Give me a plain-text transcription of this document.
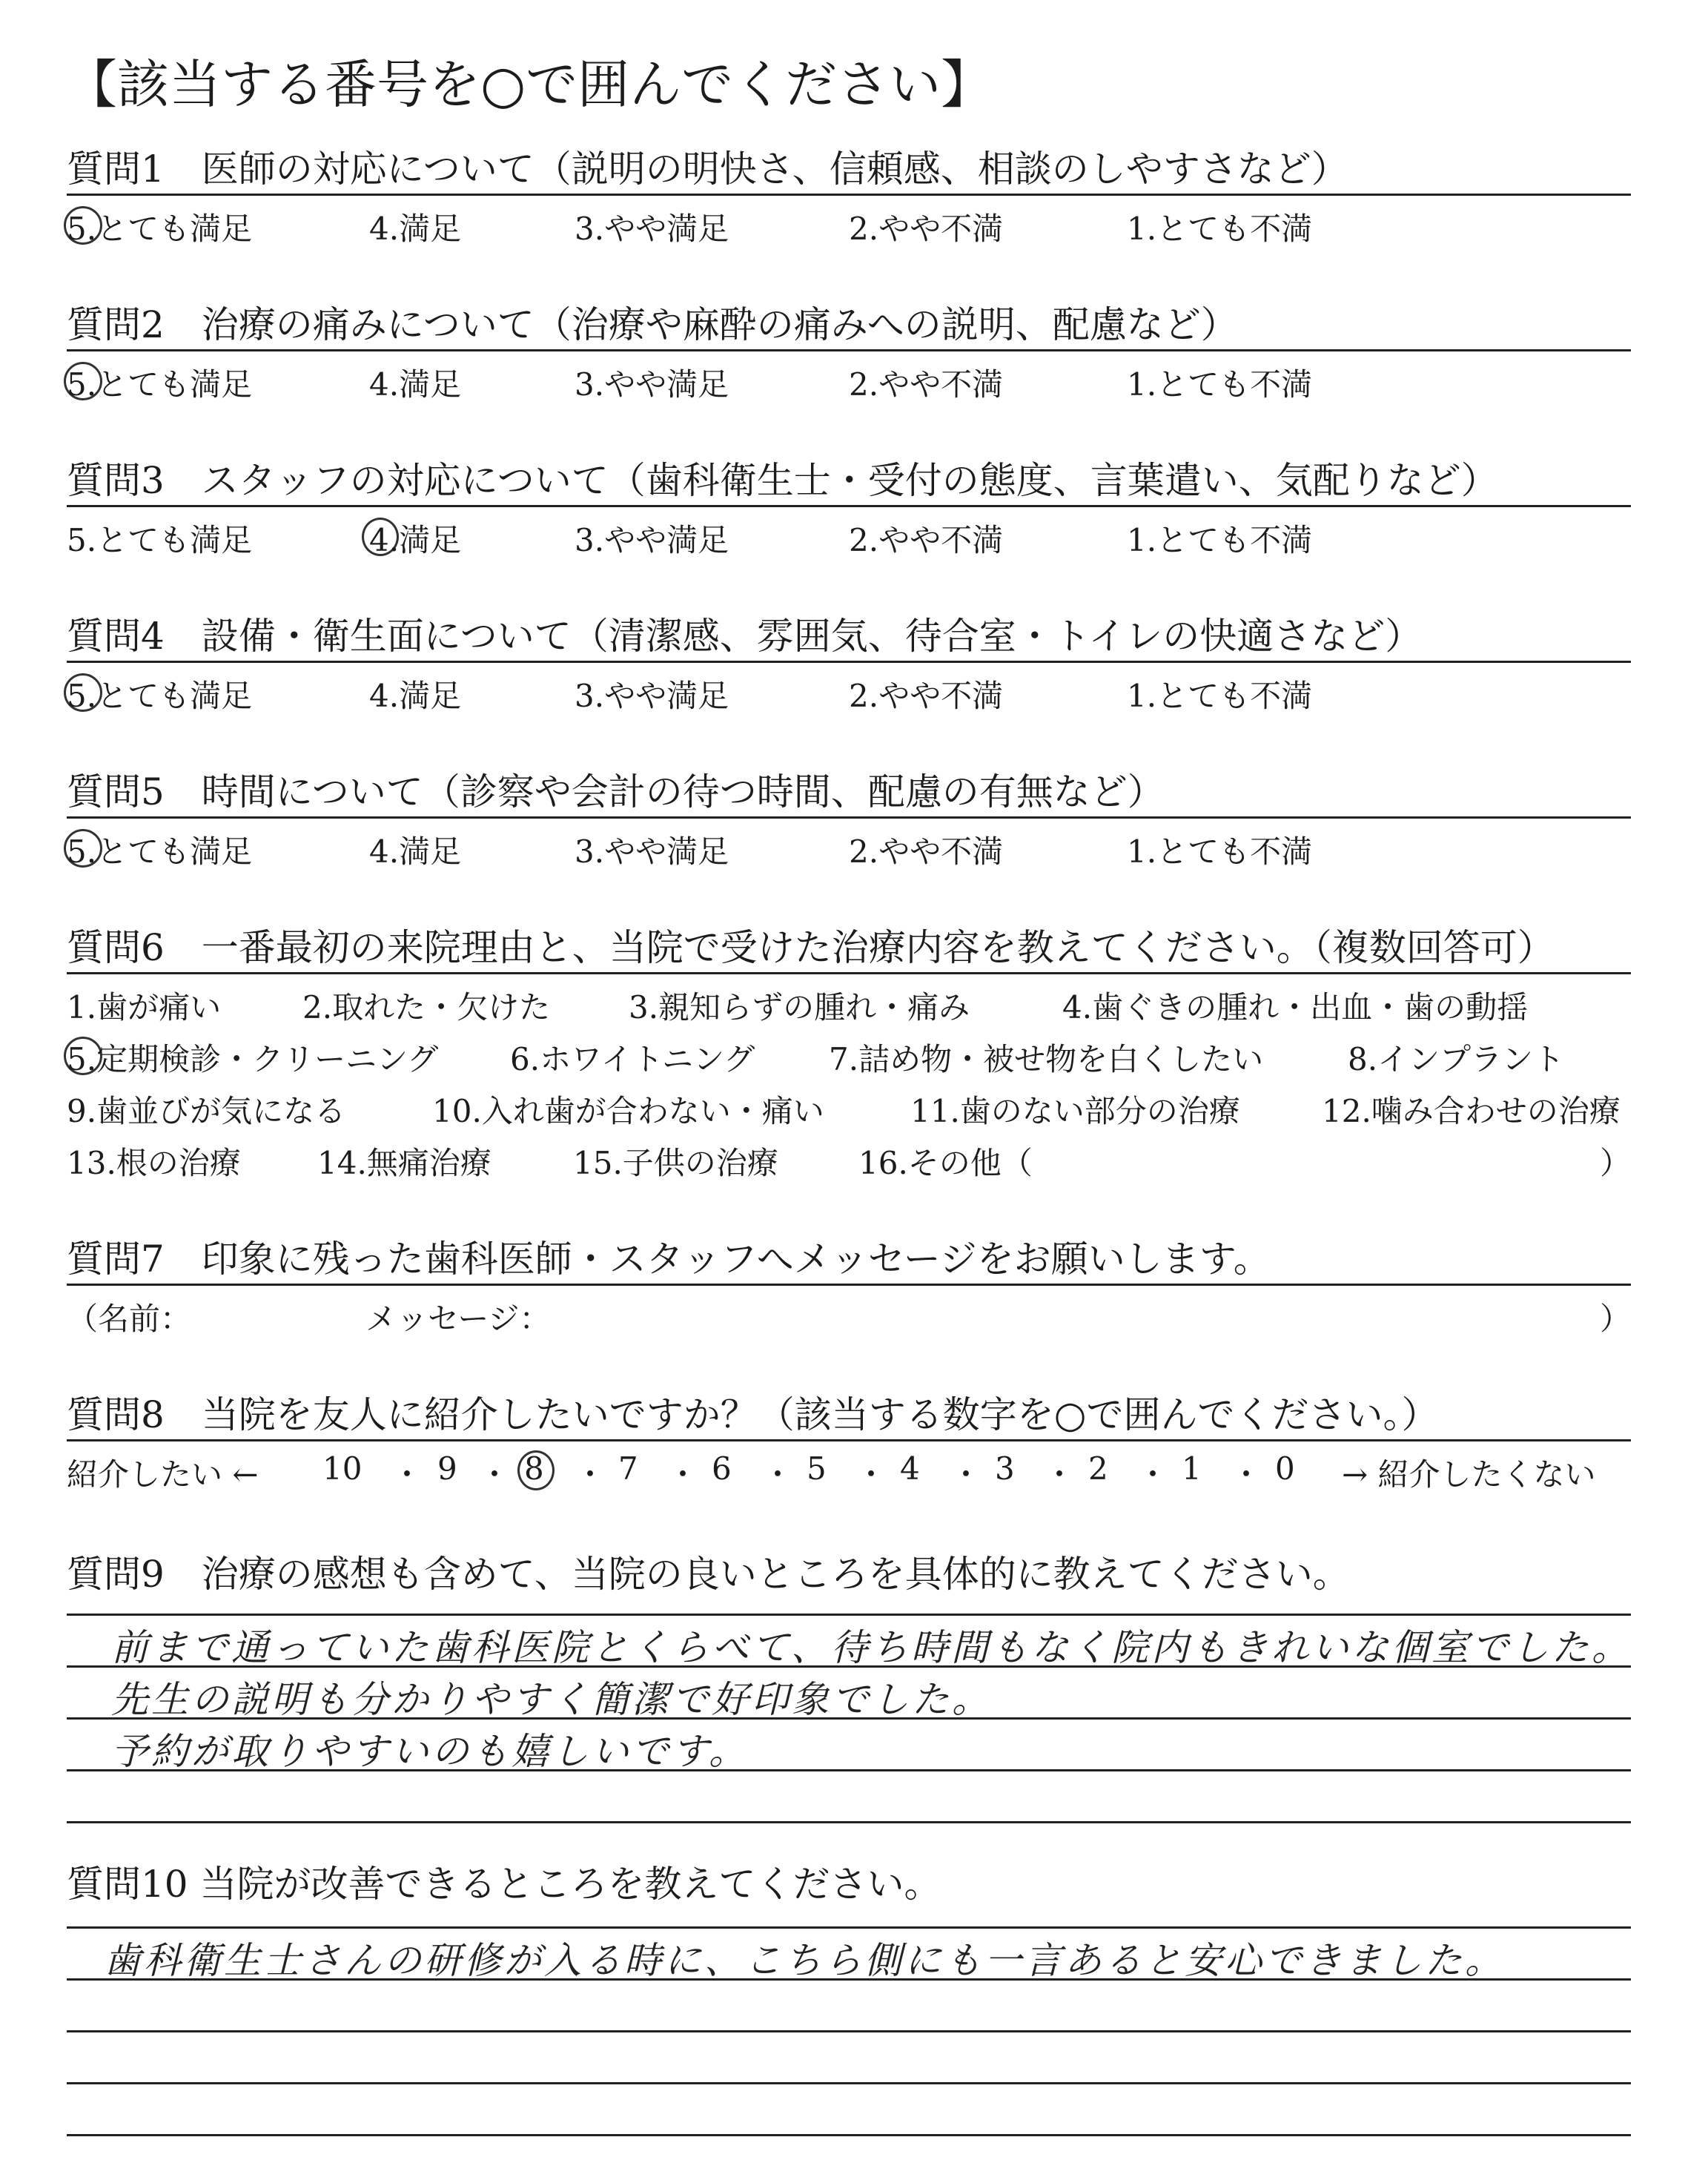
【該当する番号を○で囲んでください】
質問1　医師の対応について（説明の明快さ、信頼感、相談のしやすさなど）
5.とても満足	4.満足	3.やや満足	2.やや不満	1.とても不満
質問2　治療の痛みについて（治療や麻酔の痛みへの説明、配慮など）
5.とても満足	4.満足	3.やや満足	2.やや不満	1.とても不満
質問3　スタッフの対応について（歯科衛生士・受付の態度、言葉遣い、気配りなど）
5.とても満足	4.満足	3.やや満足	2.やや不満	1.とても不満
質問4　設備・衛生面について（清潔感、雰囲気、待合室・トイレの快適さなど）
5.とても満足	4.満足	3.やや満足	2.やや不満	1.とても不満
質問5　時間について（診察や会計の待つ時間、配慮の有無など）
5.とても満足	4.満足	3.やや満足	2.やや不満	1.とても不満
質問6　一番最初の来院理由と、当院で受けた治療内容を教えてください。（複数回答可）
1.歯が痛い	2.取れた・欠けた	3.親知らずの腫れ・痛み	4.歯ぐきの腫れ・出血・歯の動揺
5.定期検診・クリーニング 6.ホワイトニング 7.詰め物・被せ物を白くしたい	8.インプラント
9.歯並びが気になる	10.入れ歯が合わない・痛い	11.歯のない部分の治療	12.噛み合わせの治療
13.根の治療 14.無痛治療	15.子供の治療	16.その他（	）
質問7　印象に残った歯科医師・スタッフへメッセージをお願いします。
（名前：	メッセージ：	）
質問8　当院を友人に紹介したいですか？（該当する数字を○で囲んでください。）
紹介したい ← 10 ・ 9 ・ 8 ・ 7 ・ 6 ・ 5 ・ 4 ・ 3 ・ 2 ・ 1 ・ 0 → 紹介したくない
質問9　治療の感想も含めて、当院の良いところを具体的に教えてください。
前まで通っていた歯科医院とくらべて、待ち時間もなく院内もきれいな個室でした。
先生の説明も分かりやすく簡潔で好印象でした。
予約が取りやすいのも嬉しいです。
質問10 当院が改善できるところを教えてください。
歯科衛生士さんの研修が入る時に、こちら側にも一言あると安心できました。
